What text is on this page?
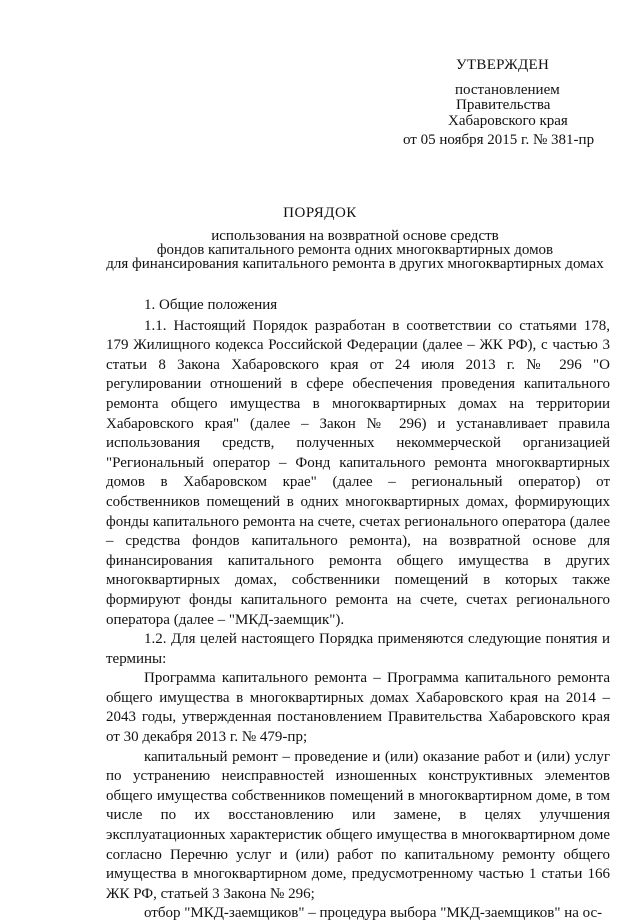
УТВЕРЖДЕН
постановлением
Правительства
Хабаровского края
от 05 ноября 2015 г. № 381-пр
ПОРЯДОК
использования на возвратной основе средств
фондов капитального ремонта одних многоквартирных домов
для финансирования капитального ремонта в других многоквартирных домах

1. Общие положения

1.1. Настоящий Порядок разработан в соответствии со статьями 178, 179 Жилищного кодекса Российской Федерации (далее – ЖК РФ), с частью 3 статьи 8 Закона Хабаровского края от 24 июля 2013 г. № 296 "О регулировании отношений в сфере обеспечения проведения капитального ремонта общего имущества в многоквартирных домах на территории Хабаровского края" (далее – Закон № 296) и устанавливает правила использования средств, полученных некоммерческой организацией "Региональный оператор – Фонд капитального ремонта многоквартирных домов в Хабаровском крае" (далее – региональный оператор) от собственников помещений в одних многоквартирных домах, формирующих фонды капитального ремонта на счете, счетах регионального оператора (далее – средства фондов капитального ремонта), на возвратной основе для финансирования капитального ремонта общего имущества в других многоквартирных домах, собственники помещений в которых также формируют фонды капитального ремонта на счете, счетах регионального оператора (далее – "МКД-заемщик").

1.2. Для целей настоящего Порядка применяются следующие понятия и термины:

Программа капитального ремонта – Программа капитального ремонта общего имущества в многоквартирных домах Хабаровского края на 2014 – 2043 годы, утвержденная постановлением Правительства Хабаровского края от 30 декабря 2013 г. № 479-пр;

капитальный ремонт – проведение и (или) оказание работ и (или) услуг по устранению неисправностей изношенных конструктивных элементов общего имущества собственников помещений в многоквартирном доме, в том числе по их восстановлению или замене, в целях улучшения эксплуатационных характеристик общего имущества в многоквартирном доме согласно Перечню услуг и (или) работ по капитальному ремонту общего имущества в многоквартирном доме, предусмотренному частью 1 статьи 166 ЖК РФ, статьей 3 Закона № 296;

отбор "МКД-заемщиков" – процедура выбора "МКД-заемщиков" на ос-
